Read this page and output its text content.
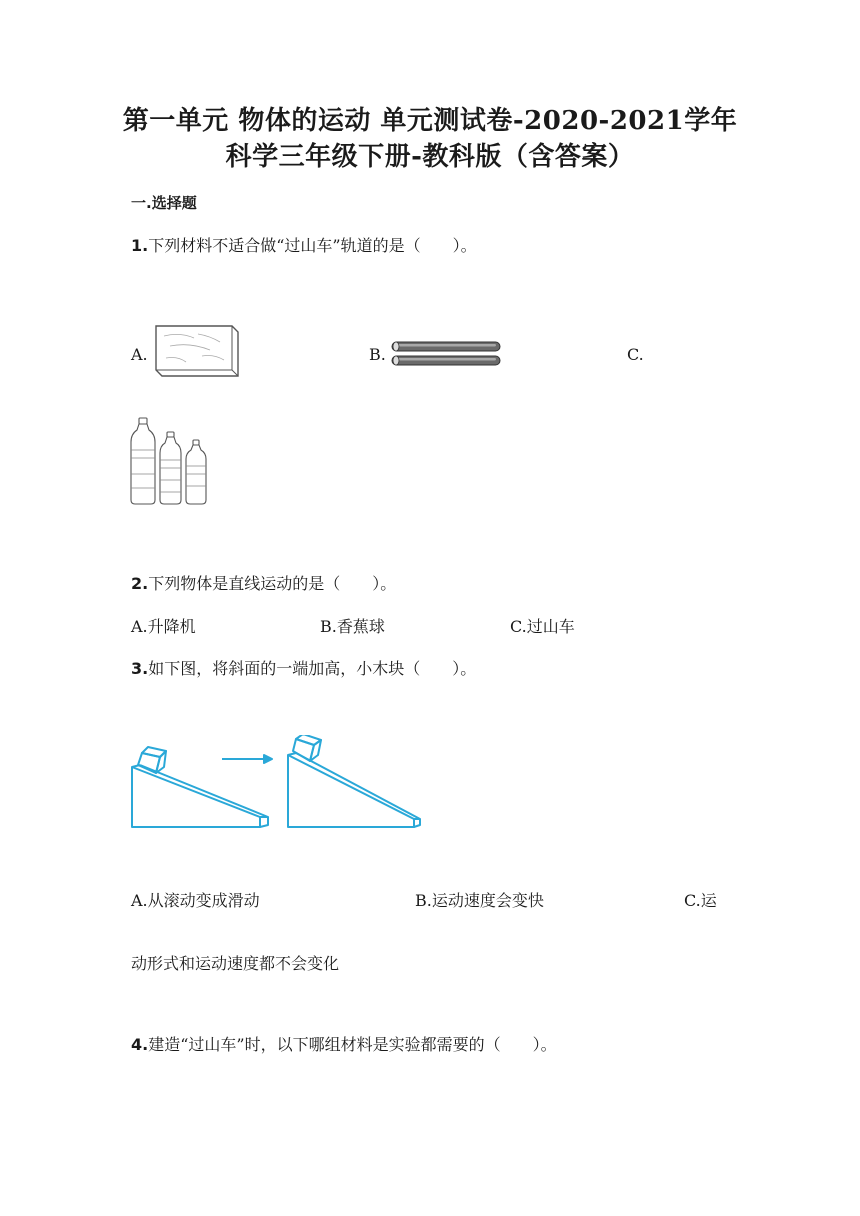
第一单元 物体的运动 单元测试卷-2020-2021学年
科学三年级下册-教科版（含答案）
一.选择题
1.下列材料不适合做“过山车”轨道的是（　　）。
A.	B.	C.
2.下列物体是直线运动的是（　　）。
A.升降机	B.香蕉球	C.过山车
3.如下图，将斜面的一端加高，小木块（　　）。
A.从滚动变成滑动	B.运动速度会变快	C.运
动形式和运动速度都不会变化
4.建造“过山车”时，以下哪组材料是实验都需要的（　　）。
